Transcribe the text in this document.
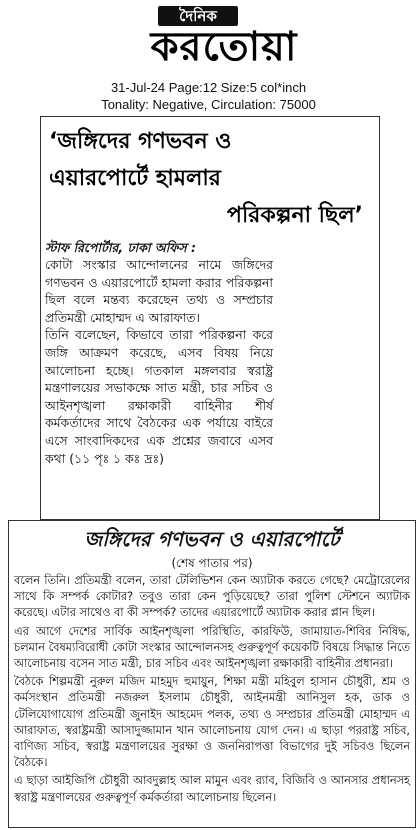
দৈনিক
করতোয়া
31-Jul-24 Page:12 Size:5 col*inch
Tonality: Negative, Circulation: 75000
‘জঙ্গিদের গণভবন ও
এয়ারপোর্টে হামলার
পরিকল্পনা ছিল’
স্টাফ রিপোর্টার, ঢাকা অফিস :

কোটা সংস্কার আন্দোলনের নামে জঙ্গিদের গণভবন ও এয়ারপোর্টে হামলা করার পরিকল্পনা ছিল বলে মন্তব্য করেছেন তথ্য ও সম্প্রচার প্রতিমন্ত্রী মোহাম্মদ এ আরাফাত।

তিনি বলেছেন, কিভাবে তারা পরিকল্পনা করে জঙ্গি আক্রমণ করেছে, এসব বিষয় নিয়ে আলোচনা হচ্ছে। গতকাল মঙ্গলবার স্বরাষ্ট্র মন্ত্রণালয়ের সভাকক্ষে সাত মন্ত্রী, চার সচিব ও আইনশৃঙ্খলা রক্ষাকারী বাহিনীর শীর্ষ কর্মকর্তাদের সাথে বৈঠকের এক পর্যায়ে বাইরে এসে সাংবাদিকদের এক প্রশ্নের জবাবে এসব কথা (১১ পৃঃ ১ কঃ দ্রঃ)

জঙ্গিদের গণভবন ও এয়ারপোর্টে
(শেষ পাতার পর)

বলেন তিনি। প্রতিমন্ত্রী বলেন, তারা টেলিভিশন কেন অ্যাটাক করতে গেছে? মেট্রোরেলের সাথে কি সম্পর্ক কোটার? তবুও তারা কেন পুড়িয়েছে? তারা পুলিশ স্টেশনে অ্যাটাক করেছে। এটার সাথেও বা কী সম্পর্ক? তাদের এয়ারপোর্টে অ্যাটাক করার প্লান ছিল।

এর আগে দেশের সার্বিক আইনশৃঙ্খলা পরিস্থিতি, কারফিউ, জামায়াত-শিবির নিষিদ্ধ, চলমান বৈষম্যবিরোধী কোটা সংস্কার আন্দোলনসহ গুরুত্বপূর্ণ কয়েকটি বিষয়ে সিদ্ধান্ত নিতে আলোচনায় বসেন সাত মন্ত্রী, চার সচিব এবং আইনশৃঙ্খলা রক্ষাকারী বাহিনীর প্রধানরা।

বৈঠকে শিল্পমন্ত্রী নুরুল মজিদ মাহমুদ হুমায়ুন, শিক্ষা মন্ত্রী মহিবুল হাসান চৌধুরী, শ্রম ও কর্মসংস্থান প্রতিমন্ত্রী নজরুল ইসলাম চৌধুরী, আইনমন্ত্রী আনিসুল হক, ডাক ও টেলিযোগাযোগ প্রতিমন্ত্রী জুনাইদ আহমেদ পলক, তথ্য ও সম্প্রচার প্রতিমন্ত্রী মোহাম্মদ এ আরাফাত, স্বরাষ্ট্রমন্ত্রী আসাদুজ্জামান খান আলোচনায় যোগ দেন। এ ছাড়া পররাষ্ট্র সচিব, বাণিজ্য সচিব, স্বরাষ্ট্র মন্ত্রণালয়ের সুরক্ষা ও জননিরাপত্তা বিভাগের দুই সচিবও ছিলেন বৈঠকে।

এ ছাড়া আইজিপি চৌধুরী আবদুল্লাহ আল মামুন এবং র‍্যাব, বিজিবি ও আনসার প্রধানসহ স্বরাষ্ট্র মন্ত্রণালয়ের গুরুত্বপূর্ণ কর্মকর্তারা আলোচনায় ছিলেন।
